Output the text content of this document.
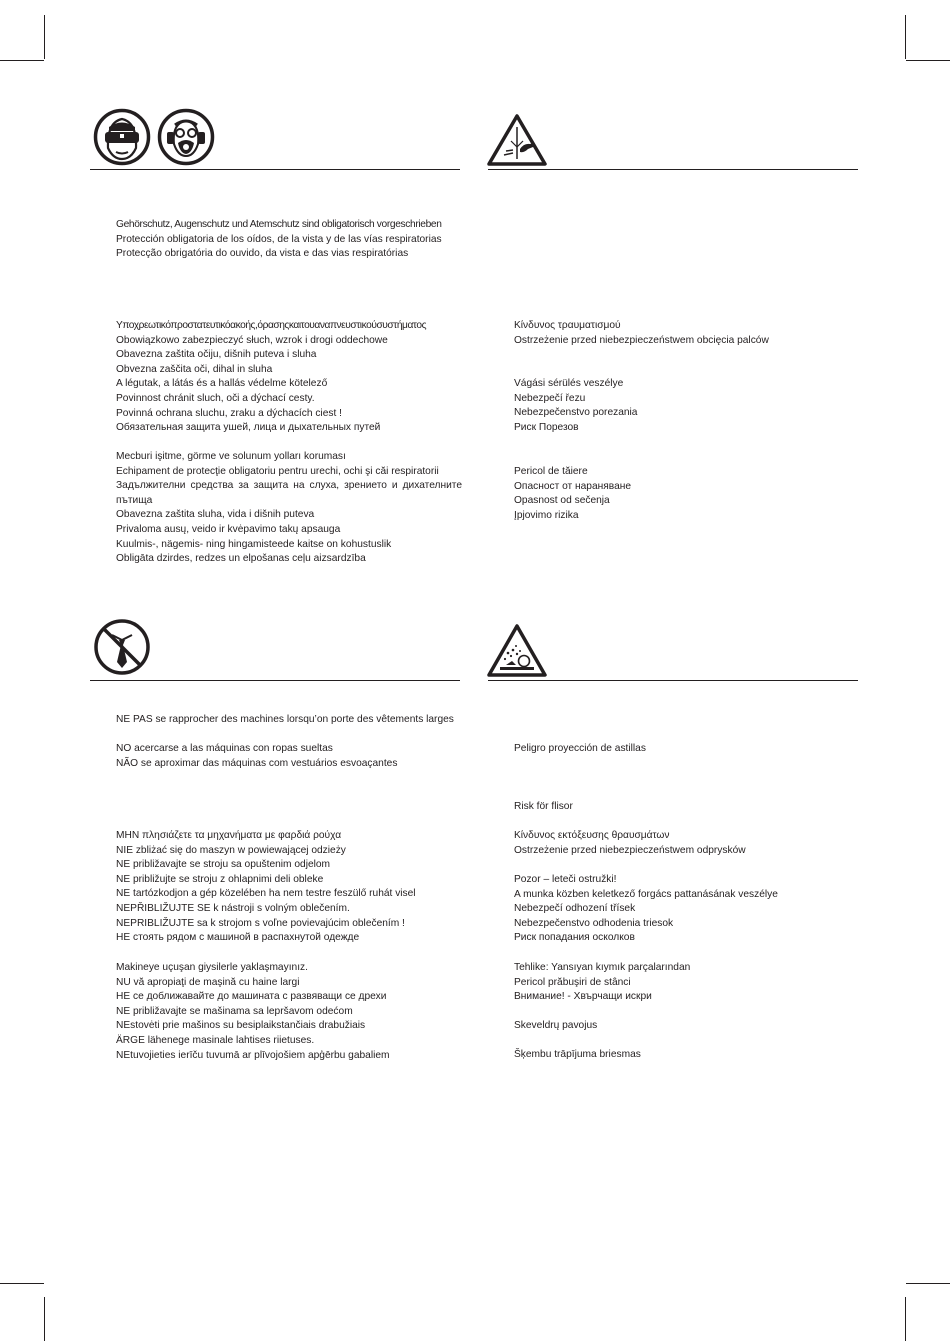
Gehörschutz, Augenschutz und Atemschutz sind obligatorisch vorgeschrieben
Protección obligatoria de los oídos, de la vista y de las vías respiratorias
Protecção obrigatória do ouvido, da vista e das vias respiratórias
Υποχρεωτικόπροστατευτικόακοής,όρασηςκαιτουαναπνευστικούσυστήματος
Obowiązkowo zabezpieczyć słuch, wzrok i drogi oddechowe
Obavezna zaštita očiju, dišnih puteva i sluha
Obvezna zaščita oči, dihal in sluha
A légutak, a látás és a hallás védelme kötelező
Povinnost chránit sluch, oči a dýchací cesty.
Povinná ochrana sluchu, zraku a dýchacích ciest !
Обязательная защита ушей, лица и дыхательных путей
Mecburi işitme, görme ve solunum yolları koruması
Echipament de protecţie obligatoriu pentru urechi, ochi şi căi respiratorii
Задължителни средства за защита на слуха, зрението и дихателните пътища
Obavezna zaštita sluha, vida i dišnih puteva
Privaloma ausų, veido ir kvėpavimo takų apsauga
Kuulmis-, nägemis- ning hingamisteede kaitse on kohustuslik
Obligāta dzirdes, redzes un elpošanas ceļu aizsardzība
Κίνδυνος τραυματισμού
Ostrzeżenie przed niebezpieczeństwem obcięcia palców
Vágási sérülés veszélye
Nebezpečí řezu
Nebezpečenstvo porezania
Риск Порезов
Pericol de tăiere
Опасност от нараняване
Opasnost od sečenja
Įpjovimo rizika
NE PAS se rapprocher des machines lorsqu’on porte des vêtements larges
NO acercarse a las máquinas con ropas sueltas
NÃO se aproximar das máquinas com vestuários esvoaçantes
MHN πλησιάζετε τα μηχανήματα με φαρδιά ρούχα
NIE zbliżać się do maszyn w powiewającej odzieży
NE približavajte se stroju sa opuštenim odjelom
NE približujte se stroju z ohlapnimi deli obleke
NE tartózkodjon a gép közelében ha nem testre feszülő ruhát visel
NEPŘIBLIŽUJTE SE k nástroji s volným oblečením.
NEPRIBLIŽUJTE sa k strojom s voľne povievajúcim oblečením !
НЕ стоять рядом с машиной в распахнутой одежде
Makineye uçuşan giysilerle yaklaşmayınız.
NU vă apropiaţi de maşină cu haine largi
НЕ се доближавайте до машината с развяващи се дрехи
NE približavajte se mašinama sa lepršavom odećom
NEstovėti prie mašinos su besiplaikstančiais drabužiais
ÄRGE lähenege masinale lahtises riietuses.
NEtuvojieties ierīču tuvumā ar plīvojošiem apģērbu gabaliem
Peligro proyección de astillas
Risk för flisor
Κίνδυνος εκτόξευσης θραυσμάτων
Ostrzeżenie przed niebezpieczeństwem odprysków
Pozor – leteči ostružki!
A munka közben keletkező forgács pattanásának veszélye
Nebezpečí odhození třísek
Nebezpečenstvo odhodenia triesok
Риск попадания осколков
Tehlike: Yansıyan kıymık parçalarından
Pericol prăbuşiri de stânci
Внимание! - Хвърчащи искри
Skeveldrų pavojus
Šķembu trāpījuma briesmas
